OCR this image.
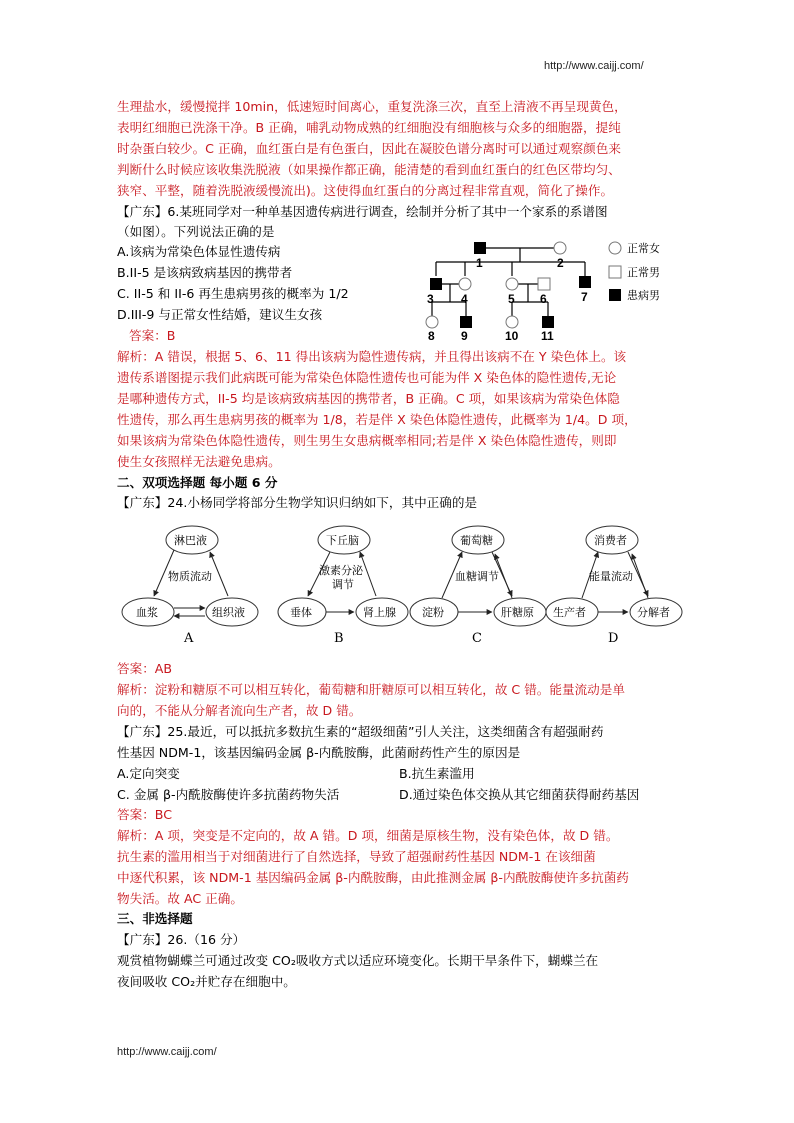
http://www.caijj.com/
http://www.caijj.com/
生理盐水，缓慢搅拌 10min，低速短时间离心，重复洗涤三次，直至上清液不再呈现黄色，
表明红细胞已洗涤干净。B 正确，哺乳动物成熟的红细胞没有细胞核与众多的细胞器，提纯
时杂蛋白较少。C 正确，血红蛋白是有色蛋白，因此在凝胶色谱分离时可以通过观察颜色来
判断什么时候应该收集洗脱液（如果操作都正确，能清楚的看到血红蛋白的红色区带均匀、
狭窄、平整，随着洗脱液缓慢流出)。这使得血红蛋白的分离过程非常直观，简化了操作。
【广东】6.某班同学对一种单基因遗传病进行调查，绘制并分析了其中一个家系的系谱图
（如图）。下列说法正确的是
A.该病为常染色体显性遗传病
B.II-5 是该病致病基因的携带者
C. II-5 和 II-6 再生患病男孩的概率为 1/2
D.III-9 与正常女性结婚，建议生女孩
答案：B
1	2
3 4	5 6	7
8 9	10 11
正常女
正常男
患病男
解析：A 错误，根据 5、6、11 得出该病为隐性遗传病，并且得出该病不在 Y 染色体上。该
遗传系谱图提示我们此病既可能为常染色体隐性遗传也可能为伴 X 染色体的隐性遗传,无论
是哪种遗传方式，II-5 均是该病致病基因的携带者，B 正确。C 项，如果该病为常染色体隐
性遗传，那么再生患病男孩的概率为 1/8，若是伴 X 染色体隐性遗传，此概率为 1/4。D 项，
如果该病为常染色体隐性遗传，则生男生女患病概率相同;若是伴 X 染色体隐性遗传，则即
使生女孩照样无法避免患病。
二、双项选择题 每小题 6 分
【广东】24.小杨同学将部分生物学知识归纳如下，其中正确的是
淋巴液
血浆	组织液
物质流动
A
下丘脑
垂体	肾上腺
激素分泌
调节
B
葡萄糖
淀粉	肝糖原
血糖调节
C
消费者
生产者	分解者
能量流动
D
答案：AB
解析：淀粉和糖原不可以相互转化，葡萄糖和肝糖原可以相互转化，故 C 错。能量流动是单
向的，不能从分解者流向生产者，故 D 错。
【广东】25.最近，可以抵抗多数抗生素的“超级细菌”引人关注，这类细菌含有超强耐药
性基因 NDM-1，该基因编码金属 β-内酰胺酶，此菌耐药性产生的原因是
A.定向突变	B.抗生素滥用
C. 金属 β-内酰胺酶使许多抗菌药物失活	D.通过染色体交换从其它细菌获得耐药基因
答案：BC
解析：A 项，突变是不定向的，故 A 错。D 项，细菌是原核生物，没有染色体，故 D 错。
抗生素的滥用相当于对细菌进行了自然选择，导致了超强耐药性基因 NDM-1 在该细菌
中逐代积累，该 NDM-1 基因编码金属 β-内酰胺酶，由此推测金属 β-内酰胺酶使许多抗菌药
物失活。故 AC 正确。
三、非选择题
【广东】26.（16 分）
观赏植物蝴蝶兰可通过改变 CO₂吸收方式以适应环境变化。长期干旱条件下，蝴蝶兰在
夜间吸收 CO₂并贮存在细胞中。
